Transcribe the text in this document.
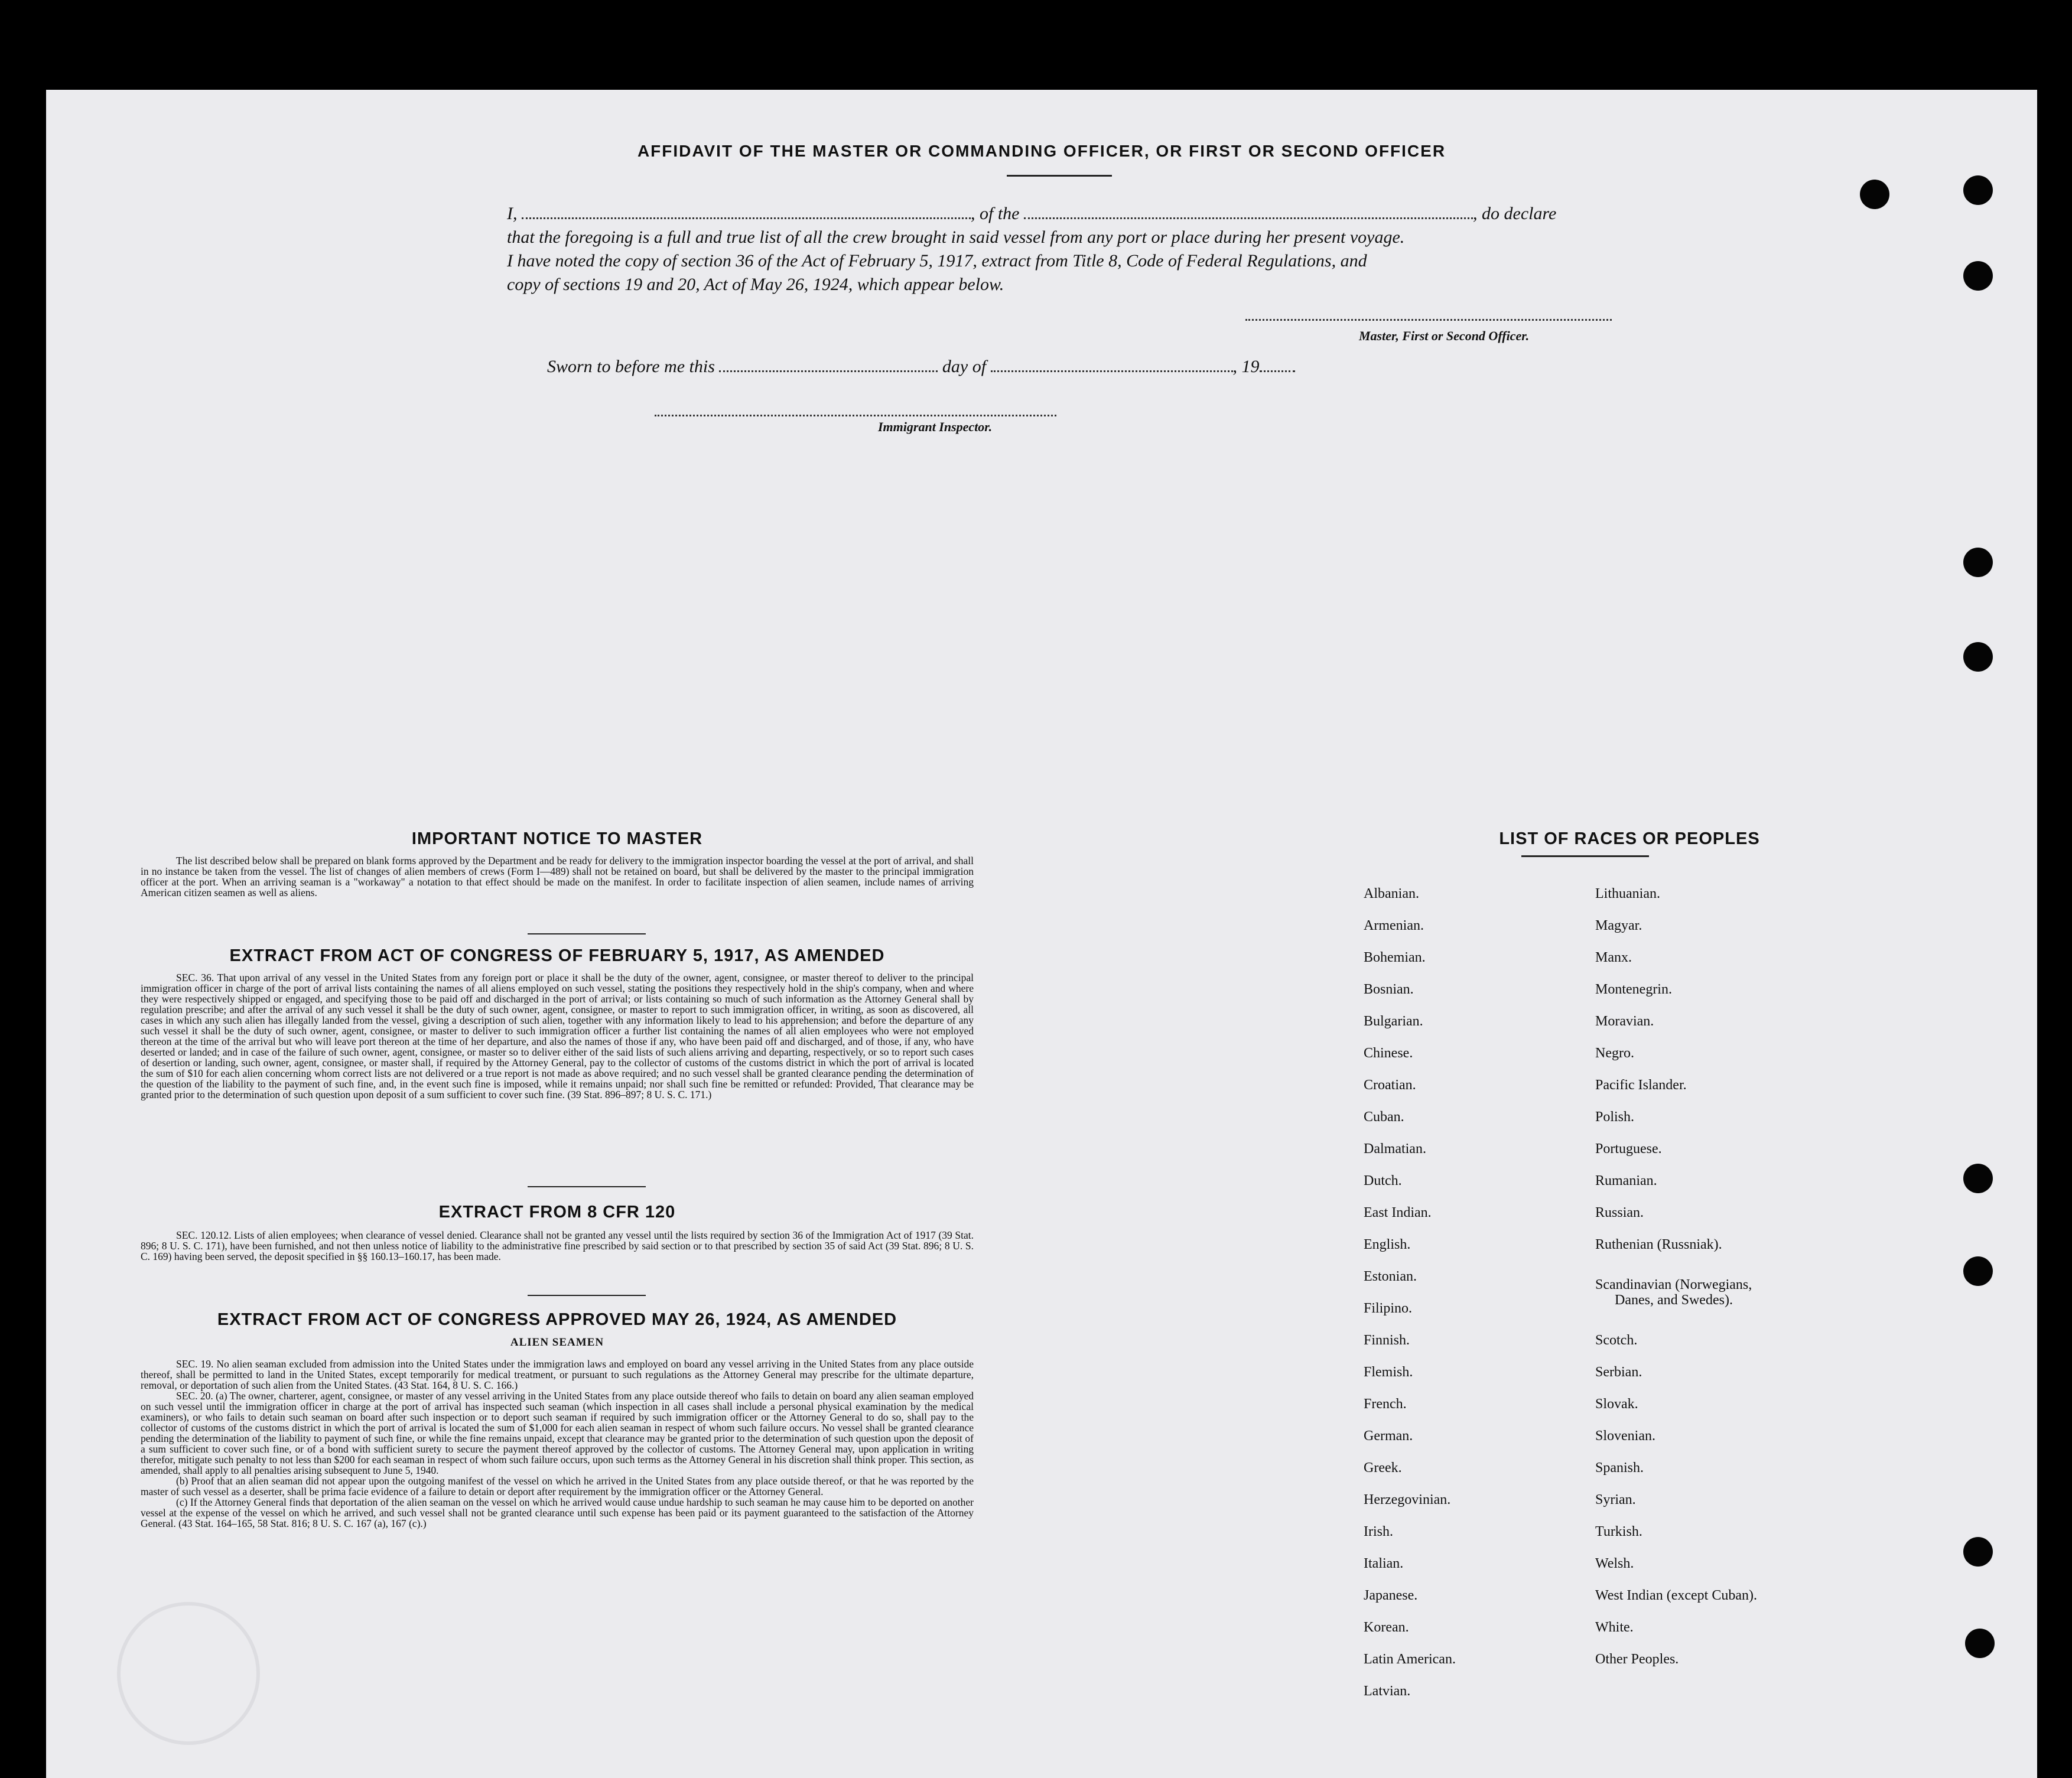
AFFIDAVIT OF THE MASTER OR COMMANDING OFFICER, OR FIRST OR SECOND OFFICER
I,	, of the	, do declare
that the foregoing is a full and true list of all the crew brought in said vessel from any port or place during her present voyage.
I have noted the copy of section 36 of the Act of February 5, 1917, extract from Title 8, Code of Federal Regulations, and
copy of sections 19 and 20, Act of May 26, 1924, which appear below.
Master, First or Second Officer.
Sworn to before me this	day of	, 19
Immigrant Inspector.
IMPORTANT NOTICE TO MASTER
The list described below shall be prepared on blank forms approved by the Department and be ready for delivery to the immigration inspector boarding the vessel at the port of arrival, and shall in no instance be taken from the vessel. The list of changes of alien members of crews (Form I—489) shall not be retained on board, but shall be delivered by the master to the principal immigration officer at the port. When an arriving seaman is a "workaway" a notation to that effect should be made on the manifest. In order to facilitate inspection of alien seamen, include names of arriving American citizen seamen as well as aliens.
EXTRACT FROM ACT OF CONGRESS OF FEBRUARY 5, 1917, AS AMENDED
SEC. 36. That upon arrival of any vessel in the United States from any foreign port or place it shall be the duty of the owner, agent, consignee, or master thereof to deliver to the principal immigration officer in charge of the port of arrival lists containing the names of all aliens employed on such vessel, stating the positions they respectively hold in the ship's company, when and where they were respectively shipped or engaged, and specifying those to be paid off and discharged in the port of arrival; or lists containing so much of such information as the Attorney General shall by regulation prescribe; and after the arrival of any such vessel it shall be the duty of such owner, agent, consignee, or master to report to such immigration officer, in writing, as soon as discovered, all cases in which any such alien has illegally landed from the vessel, giving a description of such alien, together with any information likely to lead to his apprehension; and before the departure of any such vessel it shall be the duty of such owner, agent, consignee, or master to deliver to such immigration officer a further list containing the names of all alien employees who were not employed thereon at the time of the arrival but who will leave port thereon at the time of her departure, and also the names of those if any, who have been paid off and discharged, and of those, if any, who have deserted or landed; and in case of the failure of such owner, agent, consignee, or master so to deliver either of the said lists of such aliens arriving and departing, respectively, or so to report such cases of desertion or landing, such owner, agent, consignee, or master shall, if required by the Attorney General, pay to the collector of customs of the customs district in which the port of arrival is located the sum of $10 for each alien concerning whom correct lists are not delivered or a true report is not made as above required; and no such vessel shall be granted clearance pending the determination of the question of the liability to the payment of such fine, and, in the event such fine is imposed, while it remains unpaid; nor shall such fine be remitted or refunded: Provided, That clearance may be granted prior to the determination of such question upon deposit of a sum sufficient to cover such fine. (39 Stat. 896–897; 8 U. S. C. 171.)
EXTRACT FROM 8 CFR 120
SEC. 120.12. Lists of alien employees; when clearance of vessel denied. Clearance shall not be granted any vessel until the lists required by section 36 of the Immigration Act of 1917 (39 Stat. 896; 8 U. S. C. 171), have been furnished, and not then unless notice of liability to the administrative fine prescribed by said section or to that prescribed by section 35 of said Act (39 Stat. 896; 8 U. S. C. 169) having been served, the deposit specified in §§ 160.13–160.17, has been made.
EXTRACT FROM ACT OF CONGRESS APPROVED MAY 26, 1924, AS AMENDED
ALIEN SEAMEN
SEC. 19. No alien seaman excluded from admission into the United States under the immigration laws and employed on board any vessel arriving in the United States from any place outside thereof, shall be permitted to land in the United States, except temporarily for medical treatment, or pursuant to such regulations as the Attorney General may prescribe for the ultimate departure, removal, or deportation of such alien from the United States. (43 Stat. 164, 8 U. S. C. 166.)
SEC. 20. (a) The owner, charterer, agent, consignee, or master of any vessel arriving in the United States from any place outside thereof who fails to detain on board any alien seaman employed on such vessel until the immigration officer in charge at the port of arrival has inspected such seaman (which inspection in all cases shall include a personal physical examination by the medical examiners), or who fails to detain such seaman on board after such inspection or to deport such seaman if required by such immigration officer or the Attorney General to do so, shall pay to the collector of customs of the customs district in which the port of arrival is located the sum of $1,000 for each alien seaman in respect of whom such failure occurs. No vessel shall be granted clearance pending the determination of the liability to payment of such fine, or while the fine remains unpaid, except that clearance may be granted prior to the determination of such question upon the deposit of a sum sufficient to cover such fine, or of a bond with sufficient surety to secure the payment thereof approved by the collector of customs. The Attorney General may, upon application in writing therefor, mitigate such penalty to not less than $200 for each seaman in respect of whom such failure occurs, upon such terms as the Attorney General in his discretion shall think proper. This section, as amended, shall apply to all penalties arising subsequent to June 5, 1940.
(b) Proof that an alien seaman did not appear upon the outgoing manifest of the vessel on which he arrived in the United States from any place outside thereof, or that he was reported by the master of such vessel as a deserter, shall be prima facie evidence of a failure to detain or deport after requirement by the immigration officer or the Attorney General.
(c) If the Attorney General finds that deportation of the alien seaman on the vessel on which he arrived would cause undue hardship to such seaman he may cause him to be deported on another vessel at the expense of the vessel on which he arrived, and such vessel shall not be granted clearance until such expense has been paid or its payment guaranteed to the satisfaction of the Attorney General. (43 Stat. 164–165, 58 Stat. 816; 8 U. S. C. 167 (a), 167 (c).)
LIST OF RACES OR PEOPLES
Albanian.
Armenian.
Bohemian.
Bosnian.
Bulgarian.
Chinese.
Croatian.
Cuban.
Dalmatian.
Dutch.
East Indian.
English.
Estonian.
Filipino.
Finnish.
Flemish.
French.
German.
Greek.
Herzegovinian.
Irish.
Italian.
Japanese.
Korean.
Latin American.
Latvian.
Lithuanian.
Magyar.
Manx.
Montenegrin.
Moravian.
Negro.
Pacific Islander.
Polish.
Portuguese.
Rumanian.
Russian.
Ruthenian (Russniak).
Scandinavian (Norwegians,
Danes, and Swedes).
Scotch.
Serbian.
Slovak.
Slovenian.
Spanish.
Syrian.
Turkish.
Welsh.
West Indian (except Cuban).
White.
Other Peoples.
